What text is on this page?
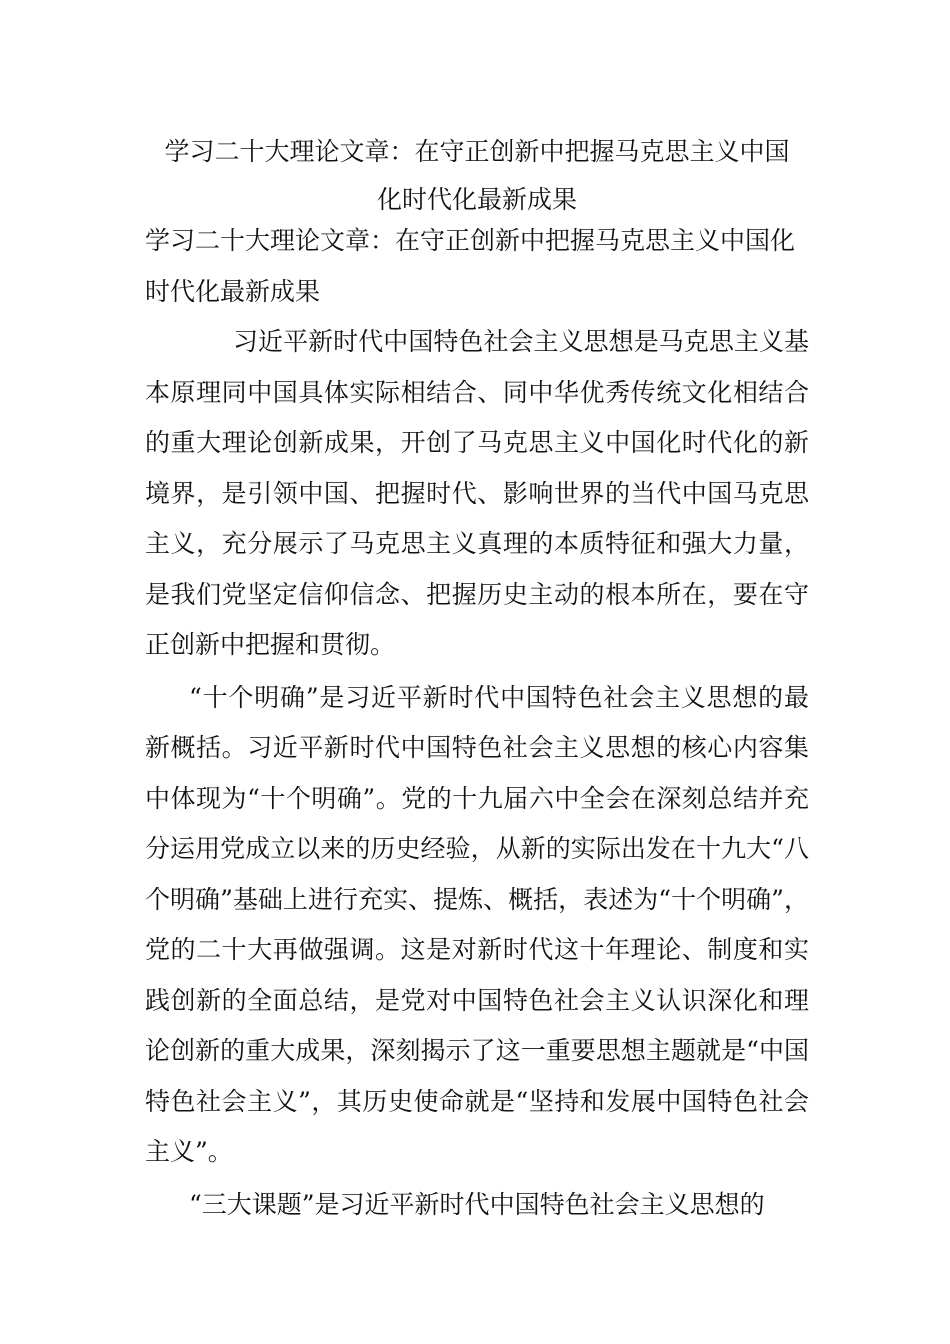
学习二十大理论文章：在守正创新中把握马克思主义中国
化时代化最新成果

学习二十大理论文章：在守正创新中把握马克思主义中国化时代化最新成果

习近平新时代中国特色社会主义思想是马克思主义基本原理同中国具体实际相结合、同中华优秀传统文化相结合的重大理论创新成果，开创了马克思主义中国化时代化的新境界，是引领中国、把握时代、影响世界的当代中国马克思主义，充分展示了马克思主义真理的本质特征和强大力量，是我们党坚定信仰信念、把握历史主动的根本所在，要在守正创新中把握和贯彻。

“十个明确”是习近平新时代中国特色社会主义思想的最新概括。习近平新时代中国特色社会主义思想的核心内容集中体现为“十个明确”。党的十九届六中全会在深刻总结并充分运用党成立以来的历史经验，从新的实际出发在十九大“八个明确”基础上进行充实、提炼、概括，表述为“十个明确”，党的二十大再做强调。这是对新时代这十年理论、制度和实践创新的全面总结，是党对中国特色社会主义认识深化和理论创新的重大成果，深刻揭示了这一重要思想主题就是“中国特色社会主义”，其历史使命就是“坚持和发展中国特色社会主义”。

“三大课题”是习近平新时代中国特色社会主义思想的
